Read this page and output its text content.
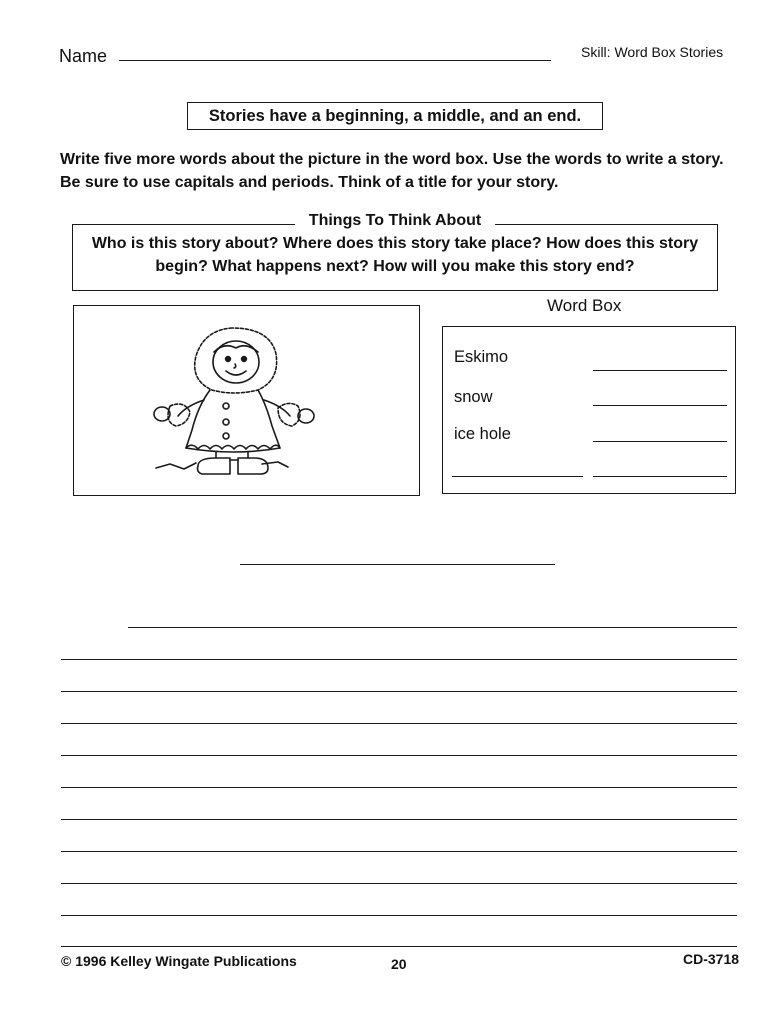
Name	Skill: Word Box Stories
Stories have a beginning, a middle, and an end.
Write five more words about the picture in the word box. Use the words to write a story. Be sure to use capitals and periods. Think of a title for your story.
Things To Think About
Who is this story about? Where does this story take place? How does this story begin? What happens next? How will you make this story end?
Word Box
Eskimo
snow
ice hole
© 1996 Kelley Wingate Publications	20	CD-3718
